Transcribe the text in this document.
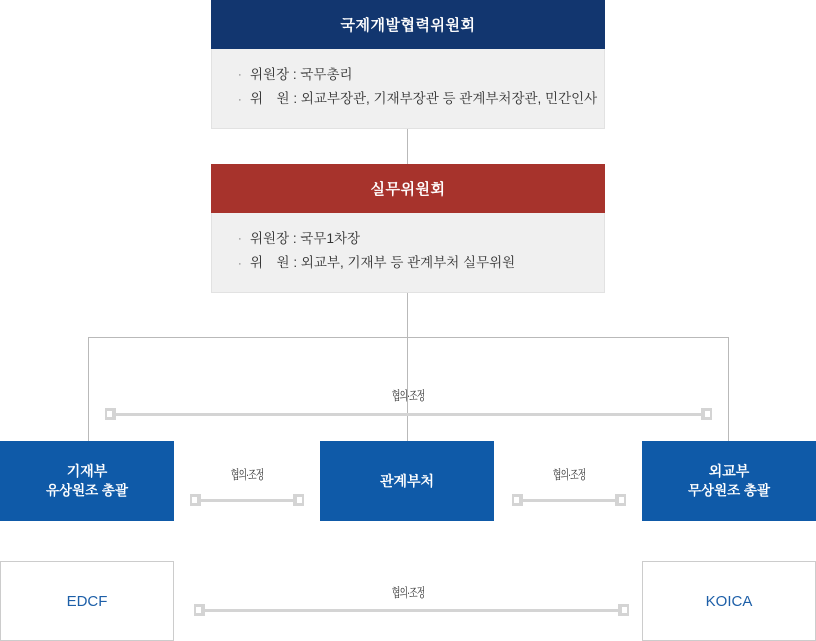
국제개발협력위원회
· 위원장 : 국무총리
· 위　원 : 외교부장관, 기재부장관 등 관계부처장관, 민간인사
실무위원회
· 위원장 : 국무1차장
· 위　원 : 외교부, 기재부 등 관계부처 실무위원
협의·조정
기재부
유상원조 총괄
관계부처
외교부
무상원조 총괄
협의·조정	협의·조정
EDCF	KOICA
협의·조정
